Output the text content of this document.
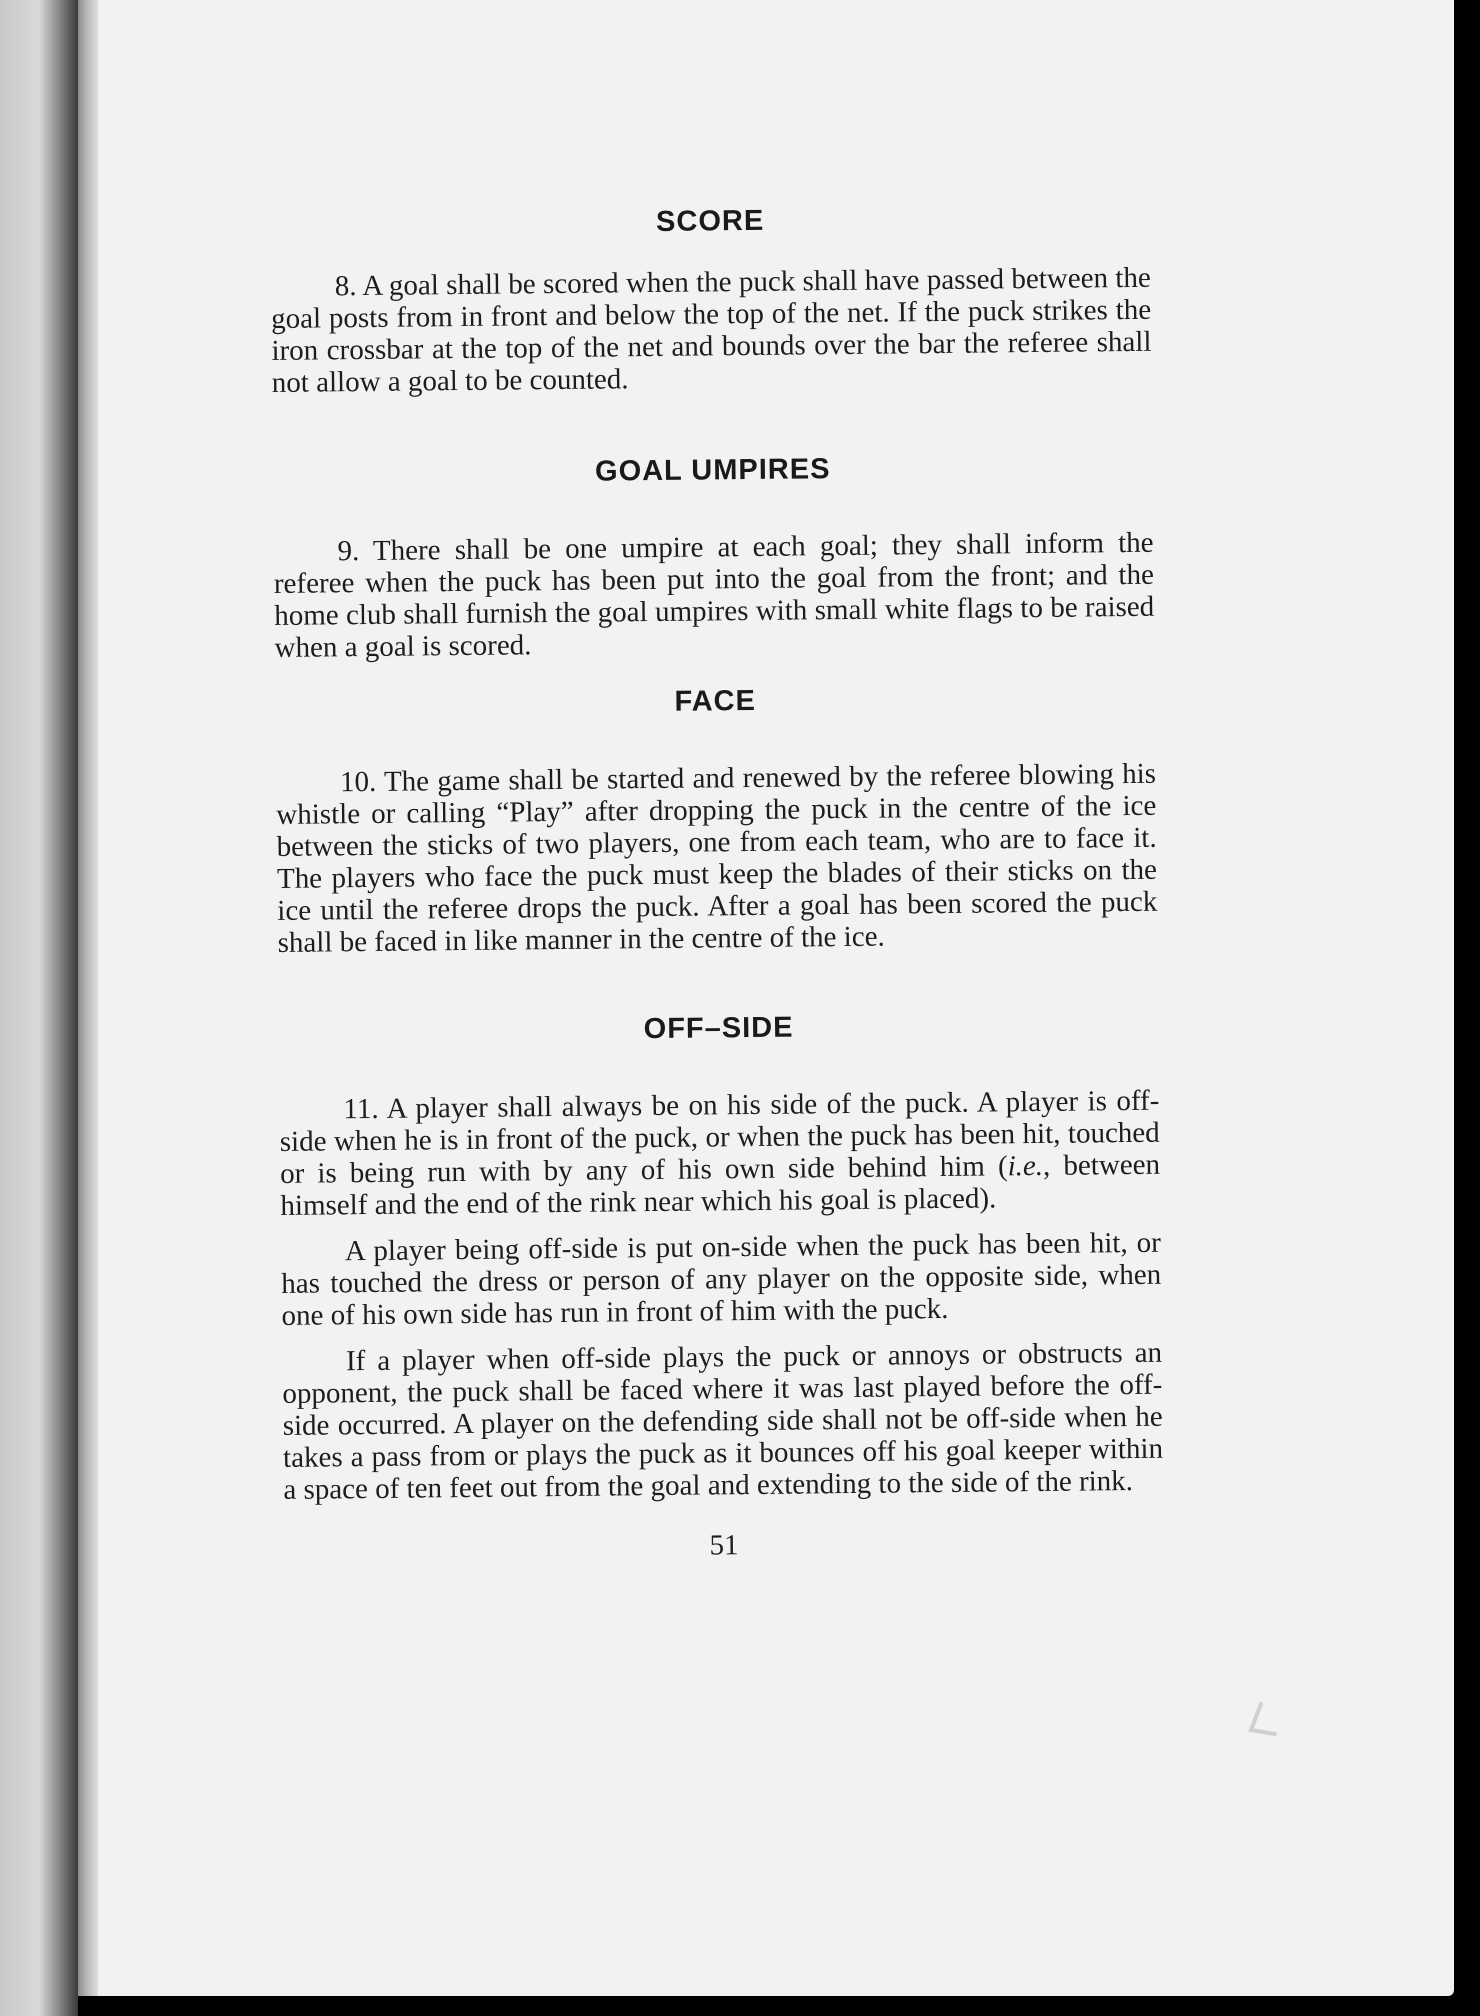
SCORE

8. A goal shall be scored when the puck shall have passed between the goal posts from in front and below the top of the net. If the puck strikes the iron crossbar at the top of the net and bounds over the bar the referee shall not allow a goal to be counted.

GOAL UMPIRES

9. There shall be one umpire at each goal; they shall inform the referee when the puck has been put into the goal from the front; and the home club shall furnish the goal umpires with small white flags to be raised when a goal is scored.

FACE

10. The game shall be started and renewed by the referee blowing his whistle or calling “Play” after dropping the puck in the centre of the ice between the sticks of two players, one from each team, who are to face it. The players who face the puck must keep the blades of their sticks on the ice until the referee drops the puck. After a goal has been scored the puck shall be faced in like manner in the centre of the ice.

OFF–SIDE

11. A player shall always be on his side of the puck. A player is off-side when he is in front of the puck, or when the puck has been hit, touched or is being run with by any of his own side behind him (i.e., between himself and the end of the rink near which his goal is placed).

A player being off-side is put on-side when the puck has been hit, or has touched the dress or person of any player on the opposite side, when one of his own side has run in front of him with the puck.

If a player when off-side plays the puck or annoys or obstructs an opponent, the puck shall be faced where it was last played before the off-side occurred. A player on the defending side shall not be off-side when he takes a pass from or plays the puck as it bounces off his goal keeper within a space of ten feet out from the goal and extending to the side of the rink.

51
